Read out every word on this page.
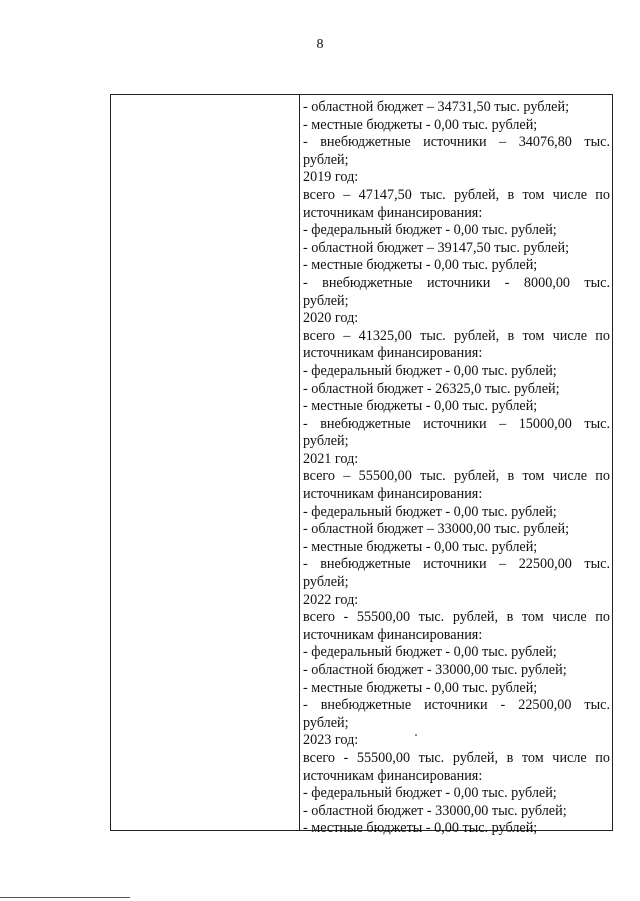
8
- областной бюджет – 34731,50 тыс. рублей;
- местные бюджеты - 0,00 тыс. рублей;
- внебюджетные источники – 34076,80 тыс.
рублей;
2019 год:
всего – 47147,50 тыс. рублей, в том числе по
источникам финансирования:
- федеральный бюджет - 0,00 тыс. рублей;
- областной бюджет – 39147,50 тыс. рублей;
- местные бюджеты - 0,00 тыс. рублей;
- внебюджетные источники - 8000,00 тыс.
рублей;
2020 год:
всего – 41325,00 тыс. рублей, в том числе по
источникам финансирования:
- федеральный бюджет - 0,00 тыс. рублей;
- областной бюджет - 26325,0 тыс. рублей;
- местные бюджеты - 0,00 тыс. рублей;
- внебюджетные источники – 15000,00 тыс.
рублей;
2021 год:
всего – 55500,00 тыс. рублей, в том числе по
источникам финансирования:
- федеральный бюджет - 0,00 тыс. рублей;
- областной бюджет – 33000,00 тыс. рублей;
- местные бюджеты - 0,00 тыс. рублей;
- внебюджетные источники – 22500,00 тыс.
рублей;
2022 год:
всего - 55500,00 тыс. рублей, в том числе по
источникам финансирования:
- федеральный бюджет - 0,00 тыс. рублей;
- областной бюджет - 33000,00 тыс. рублей;
- местные бюджеты - 0,00 тыс. рублей;
- внебюджетные источники - 22500,00 тыс.
рублей;
2023 год:
всего - 55500,00 тыс. рублей, в том числе по
источникам финансирования:
- федеральный бюджет - 0,00 тыс. рублей;
- областной бюджет - 33000,00 тыс. рублей;
- местные бюджеты - 0,00 тыс. рублей;
